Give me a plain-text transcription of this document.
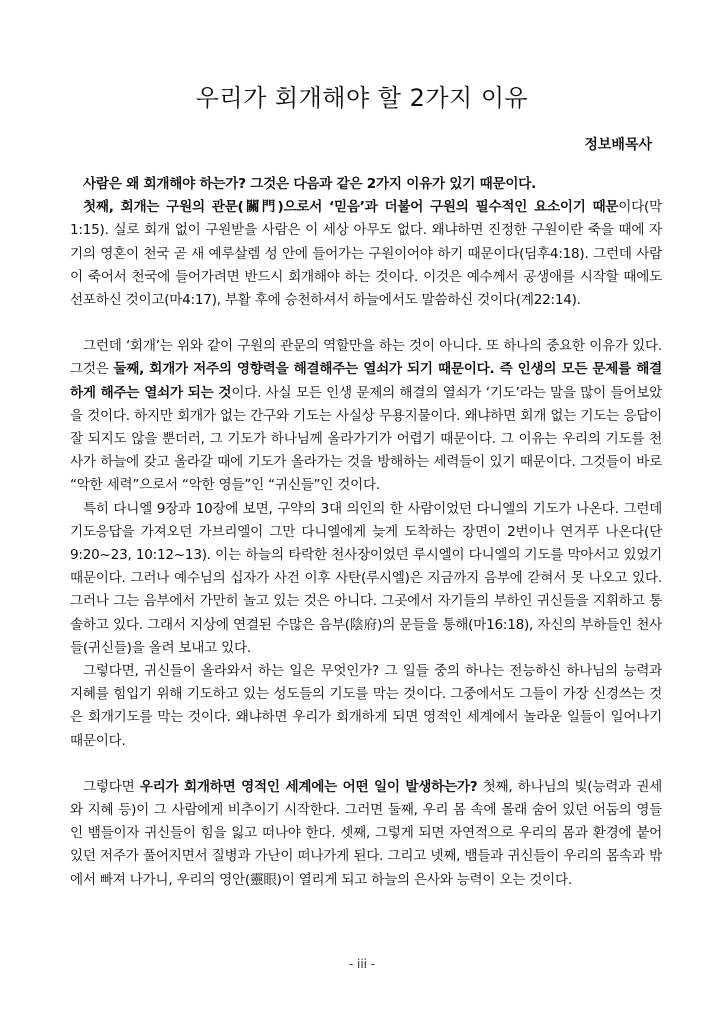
우리가 회개해야 할 2가지 이유

정보배목사

사람은 왜 회개해야 하는가? 그것은 다음과 같은 2가지 이유가 있기 때문이다.

첫째, 회개는 구원의 관문(關門)으로서 ‘믿음’과 더불어 구원의 필수적인 요소이기 때문이다(막1:15). 실로 회개 없이 구원받을 사람은 이 세상 아무도 없다. 왜냐하면 진정한 구원이란 죽을 때에 자기의 영혼이 천국 곧 새 예루살렘 성 안에 들어가는 구원이어야 하기 때문이다(딤후4:18). 그런데 사람이 죽어서 천국에 들어가려면 반드시 회개해야 하는 것이다. 이것은 예수께서 공생애를 시작할 때에도 선포하신 것이고(마4:17), 부활 후에 승천하셔서 하늘에서도 말씀하신 것이다(계22:14).

그런데 ‘회개’는 위와 같이 구원의 관문의 역할만을 하는 것이 아니다. 또 하나의 중요한 이유가 있다. 그것은 둘째, 회개가 저주의 영향력을 해결해주는 열쇠가 되기 때문이다. 즉 인생의 모든 문제를 해결하게 해주는 열쇠가 되는 것이다. 사실 모든 인생 문제의 해결의 열쇠가 ‘기도’라는 말을 많이 들어보았을 것이다. 하지만 회개가 없는 간구와 기도는 사실상 무용지물이다. 왜냐하면 회개 없는 기도는 응답이 잘 되지도 않을 뿐더러, 그 기도가 하나님께 올라가기가 어렵기 때문이다. 그 이유는 우리의 기도를 천사가 하늘에 갖고 올라갈 때에 기도가 올라가는 것을 방해하는 세력들이 있기 때문이다. 그것들이 바로 “악한 세력”으로서 “악한 영들”인 “귀신들”인 것이다.

특히 다니엘 9장과 10장에 보면, 구약의 3대 의인의 한 사람이었던 다니엘의 기도가 나온다. 그런데 기도응답을 가져오던 가브리엘이 그만 다니엘에게 늦게 도착하는 장면이 2번이나 연거푸 나온다(단9:20~23, 10:12~13). 이는 하늘의 타락한 천사장이었던 루시엘이 다니엘의 기도를 막아서고 있었기 때문이다. 그러나 예수님의 십자가 사건 이후 사탄(루시엘)은 지금까지 음부에 갇혀서 못 나오고 있다. 그러나 그는 음부에서 가만히 놀고 있는 것은 아니다. 그곳에서 자기들의 부하인 귀신들을 지휘하고 통솔하고 있다. 그래서 지상에 연결된 수많은 음부(陰府)의 문들을 통해(마16:18), 자신의 부하들인 천사들(귀신들)을 올려 보내고 있다.

그렇다면, 귀신들이 올라와서 하는 일은 무엇인가? 그 일들 중의 하나는 전능하신 하나님의 능력과 지혜를 힘입기 위해 기도하고 있는 성도들의 기도를 막는 것이다. 그중에서도 그들이 가장 신경쓰는 것은 회개기도를 막는 것이다. 왜냐하면 우리가 회개하게 되면 영적인 세계에서 놀라운 일들이 일어나기 때문이다.

그렇다면 우리가 회개하면 영적인 세계에는 어떤 일이 발생하는가? 첫째, 하나님의 빛(능력과 권세와 지혜 등)이 그 사람에게 비추이기 시작한다. 그러면 둘째, 우리 몸 속에 몰래 숨어 있던 어둠의 영들인 뱀들이자 귀신들이 힘을 잃고 떠나야 한다. 셋째, 그렇게 되면 자연적으로 우리의 몸과 환경에 붙어있던 저주가 풀어지면서 질병과 가난이 떠나가게 된다. 그리고 넷째, 뱀들과 귀신들이 우리의 몸속과 밖에서 빠져 나가니, 우리의 영안(靈眼)이 열리게 되고 하늘의 은사와 능력이 오는 것이다.

- iii -
